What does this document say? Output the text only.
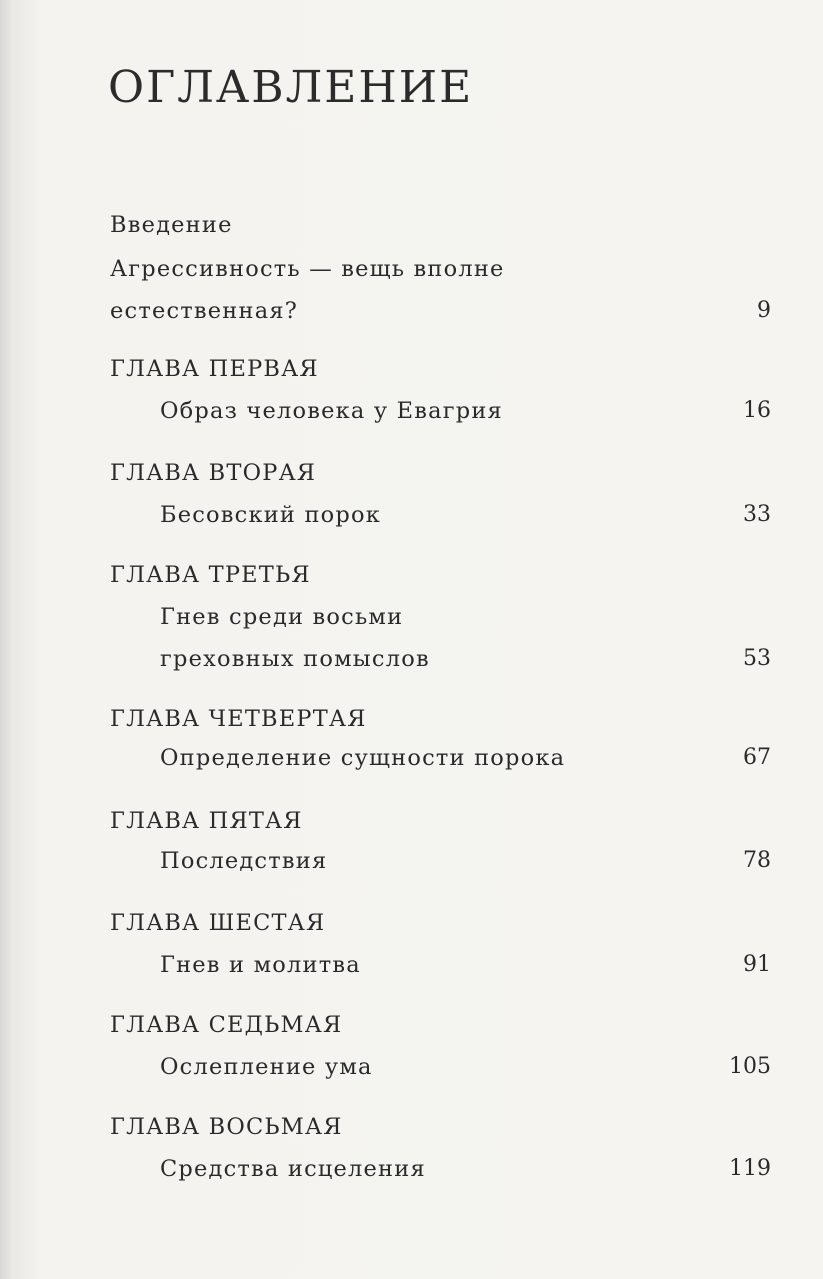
ОГЛАВЛЕНИЕ
Введение
Агрессивность — вещь вполне
естественная?	9
ГЛАВА ПЕРВАЯ
Образ человека у Евагрия	16
ГЛАВА ВТОРАЯ
Бесовский порок	33
ГЛАВА ТРЕТЬЯ
Гнев среди восьми
греховных помыслов	53
ГЛАВА ЧЕТВЕРТАЯ
Определение сущности порока	67
ГЛАВА ПЯТАЯ
Последствия	78
ГЛАВА ШЕСТАЯ
Гнев и молитва	91
ГЛАВА СЕДЬМАЯ
Ослепление ума	105
ГЛАВА ВОСЬМАЯ
Средства исцеления	119
